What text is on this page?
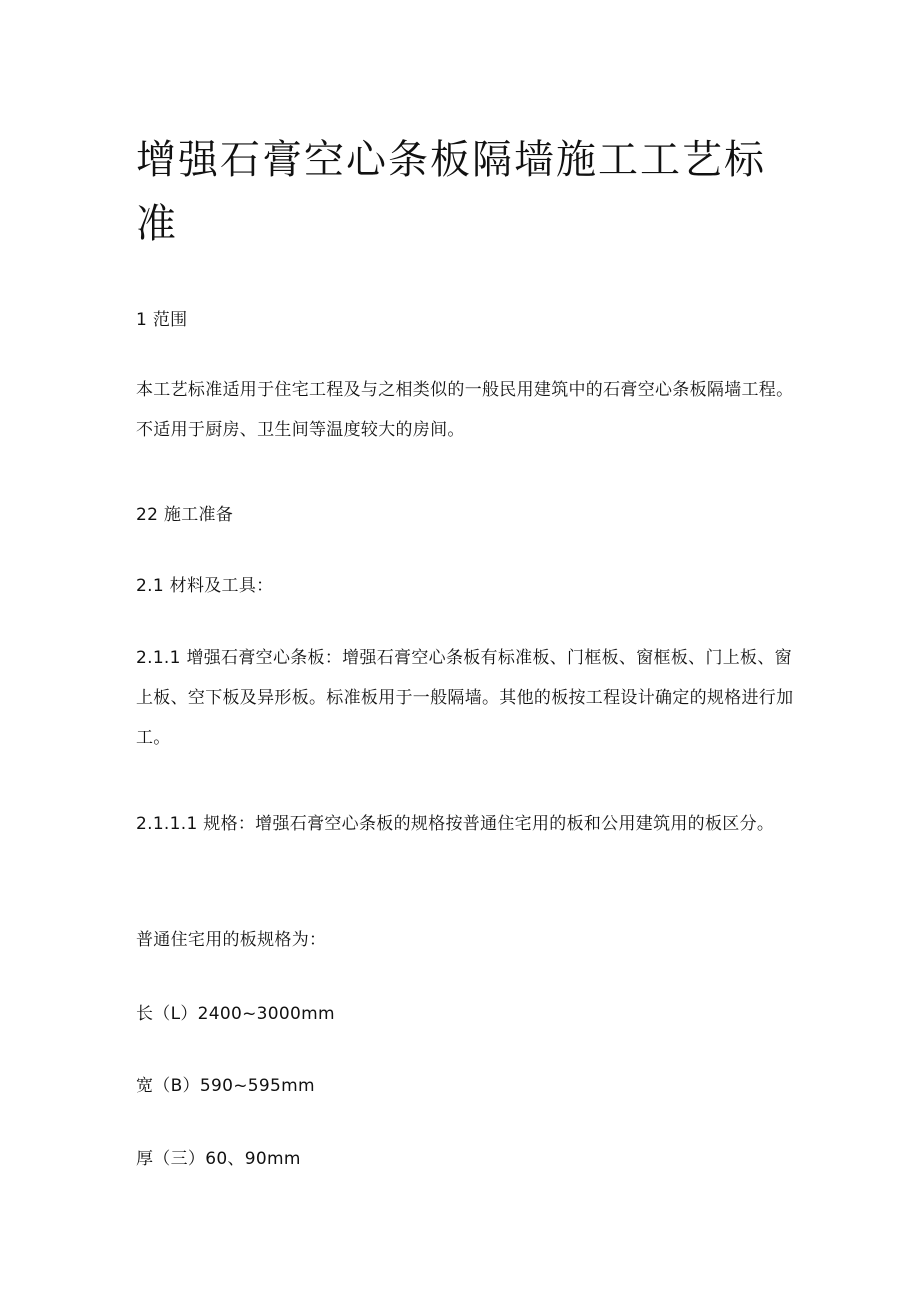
增强石膏空心条板隔墙施工工艺标准

1 范围

本工艺标准适用于住宅工程及与之相类似的一般民用建筑中的石膏空心条板隔墙工程。不适用于厨房、卫生间等温度较大的房间。

22 施工准备

2.1 材料及工具：

2.1.1 增强石膏空心条板：增强石膏空心条板有标准板、门框板、窗框板、门上板、窗上板、空下板及异形板。标准板用于一般隔墙。其他的板按工程设计确定的规格进行加工。

2.1.1.1 规格：增强石膏空心条板的规格按普通住宅用的板和公用建筑用的板区分。

普通住宅用的板规格为：

长（L）2400~3000mm

宽（B）590~595mm

厚（三）60、90mm
